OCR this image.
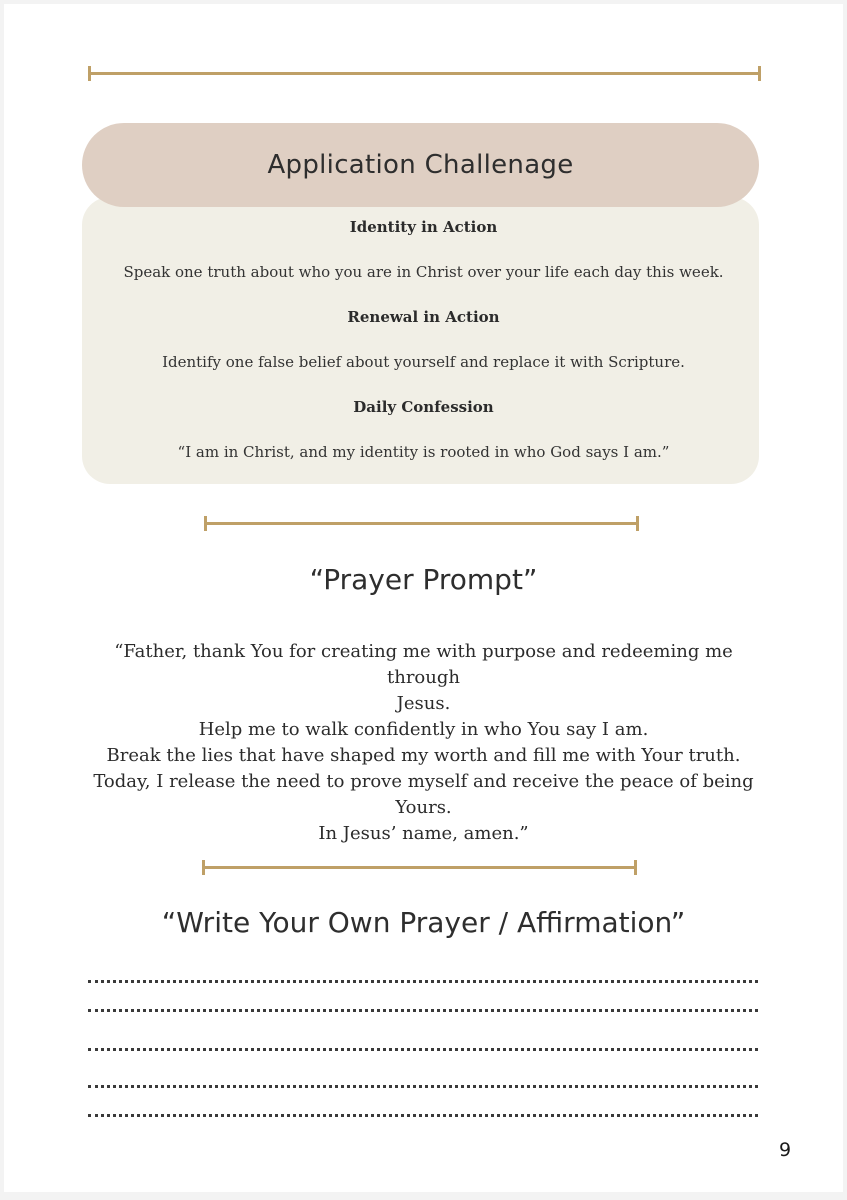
Application Challenage

Identity in Action

Speak one truth about who you are in Christ over your life each day this week.

Renewal in Action

Identify one false belief about yourself and replace it with Scripture.

Daily Confession

“I am in Christ, and my identity is rooted in who God says I am.”

“Prayer Prompt”

“Father, thank You for creating me with purpose and redeeming me through
Jesus.
Help me to walk confidently in who You say I am.
Break the lies that have shaped my worth and fill me with Your truth.
Today, I release the need to prove myself and receive the peace of being
Yours.
In Jesus’ name, amen.”

“Write Your Own Prayer / Affirmation”
9
